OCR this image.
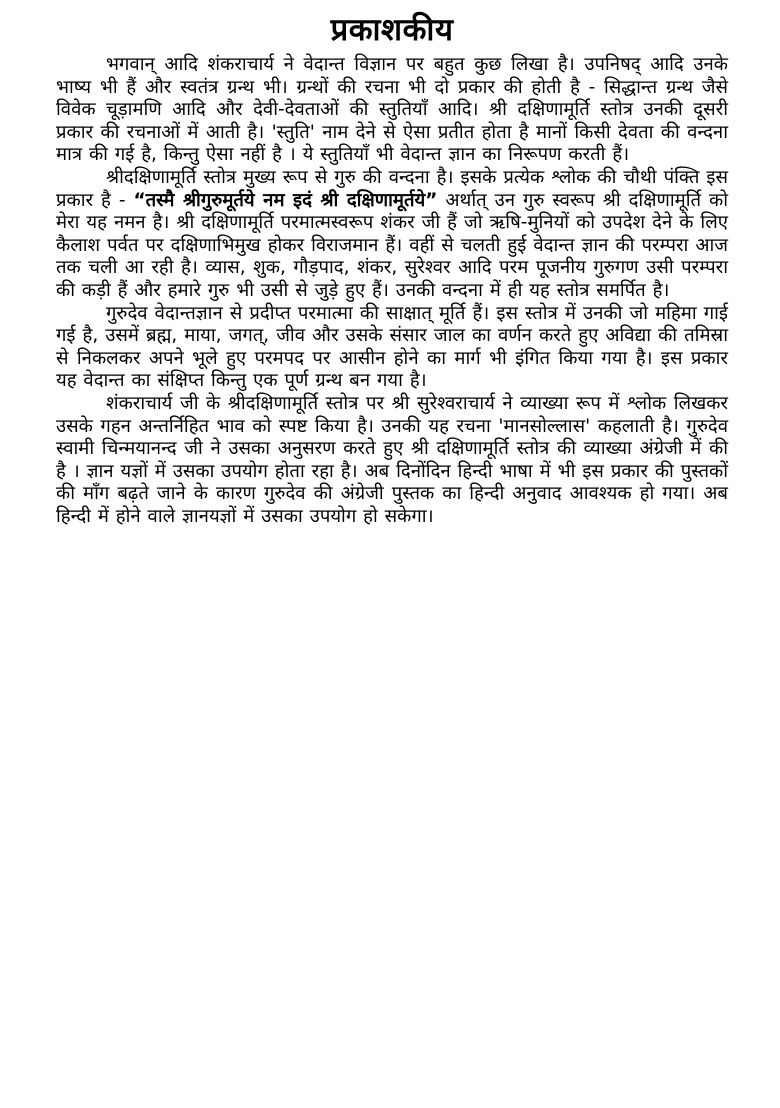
प्रकाशकीय

भगवान् आदि शंकराचार्य ने वेदान्त विज्ञान पर बहुत कुछ लिखा है। उपनिषद् आदि उनके भाष्य भी हैं और स्वतंत्र ग्रन्थ भी। ग्रन्थों की रचना भी दो प्रकार की होती है - सिद्धान्त ग्रन्थ जैसे विवेक चूड़ामणि आदि और देवी-देवताओं की स्तुतियाँ आदि। श्री दक्षिणामूर्ति स्तोत्र उनकी दूसरी प्रकार की रचनाओं में आती है। 'स्तुति' नाम देने से ऐसा प्रतीत होता है मानों किसी देवता की वन्दना मात्र की गई है, किन्तु ऐसा नहीं है । ये स्तुतियाँ भी वेदान्त ज्ञान का निरूपण करती हैं।

श्रीदक्षिणामूर्ति स्तोत्र मुख्य रूप से गुरु की वन्दना है। इसके प्रत्येक श्लोक की चौथी पंक्ति इस प्रकार है - “तस्मै श्रीगुरुमूर्तये नम इदं श्री दक्षिणामूर्तये” अर्थात् उन गुरु स्वरूप श्री दक्षिणामूर्ति को मेरा यह नमन है। श्री दक्षिणामूर्ति परमात्मस्वरूप शंकर जी हैं जो ऋषि-मुनियों को उपदेश देने के लिए कैलाश पर्वत पर दक्षिणाभिमुख होकर विराजमान हैं। वहीं से चलती हुई वेदान्त ज्ञान की परम्परा आज तक चली आ रही है। व्यास, शुक, गौड़पाद, शंकर, सुरेश्वर आदि परम पूजनीय गुरुगण उसी परम्परा की कड़ी हैं और हमारे गुरु भी उसी से जुड़े हुए हैं। उनकी वन्दना में ही यह स्तोत्र समर्पित है।

गुरुदेव वेदान्तज्ञान से प्रदीप्त परमात्मा की साक्षात् मूर्ति हैं। इस स्तोत्र में उनकी जो महिमा गाई गई है, उसमें ब्रह्म, माया, जगत्, जीव और उसके संसार जाल का वर्णन करते हुए अविद्या की तमिस्रा से निकलकर अपने भूले हुए परमपद पर आसीन होने का मार्ग भी इंगित किया गया है। इस प्रकार यह वेदान्त का संक्षिप्त किन्तु एक पूर्ण ग्रन्थ बन गया है।

शंकराचार्य जी के श्रीदक्षिणामूर्ति स्तोत्र पर श्री सुरेश्वराचार्य ने व्याख्या रूप में श्लोक लिखकर उसके गहन अन्तर्निहित भाव को स्पष्ट किया है। उनकी यह रचना 'मानसोल्लास' कहलाती है। गुरुदेव स्वामी चिन्मयानन्द जी ने उसका अनुसरण करते हुए श्री दक्षिणामूर्ति स्तोत्र की व्याख्या अंग्रेजी में की है । ज्ञान यज्ञों में उसका उपयोग होता रहा है। अब दिनोंदिन हिन्दी भाषा में भी इस प्रकार की पुस्तकों की माँग बढ़ते जाने के कारण गुरुदेव की अंग्रेजी पुस्तक का हिन्दी अनुवाद आवश्यक हो गया। अब हिन्दी में होने वाले ज्ञानयज्ञों में उसका उपयोग हो सकेगा।
